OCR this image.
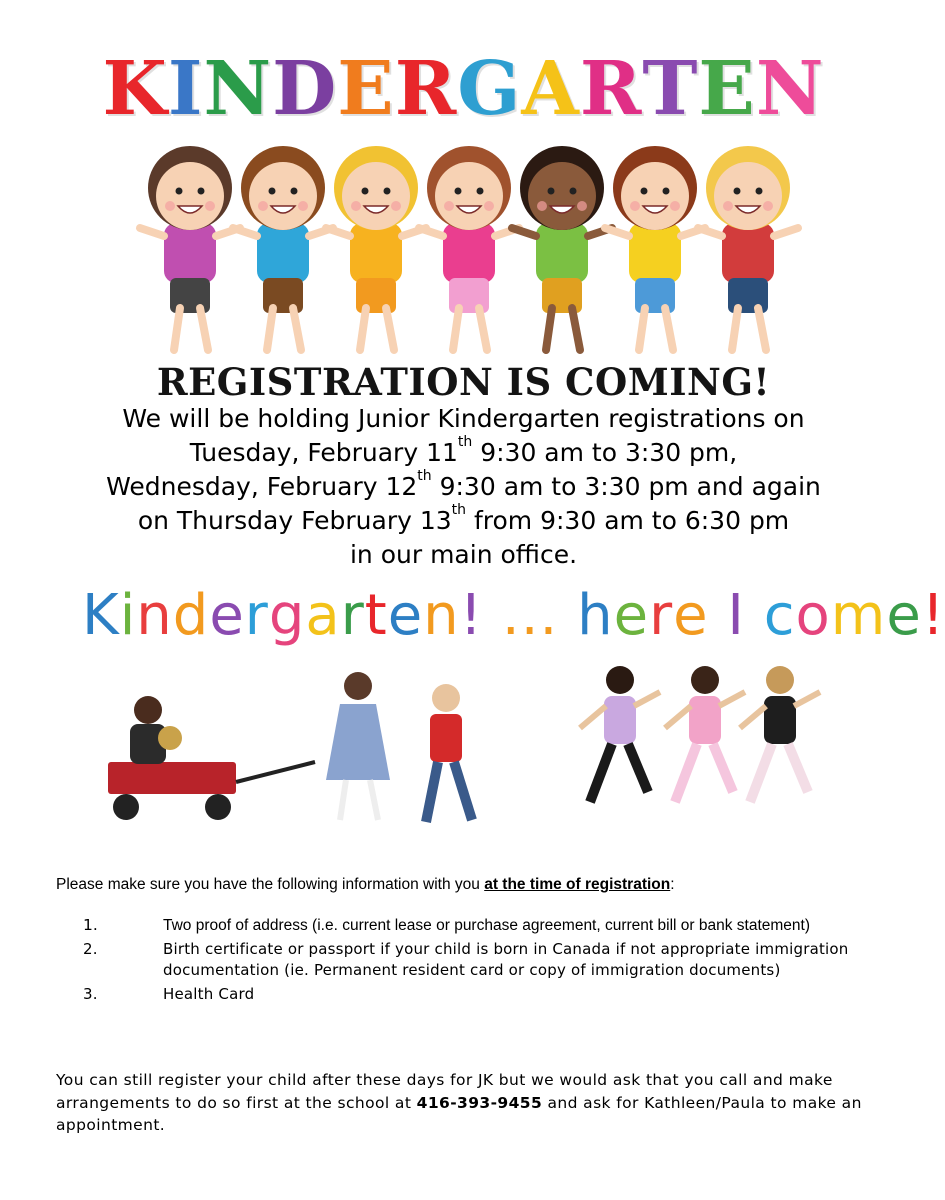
KINDERGARTEN
REGISTRATION IS COMING!
We will be holding Junior Kindergarten registrations on
Tuesday, February 11th 9:30 am to 3:30 pm,
Wednesday, February 12th 9:30 am to 3:30 pm and again
on Thursday February 13th from 9:30 am to 6:30 pm
in our main office.
Kindergarten! ... here I come!
Please make sure you have the following information with you at the time of registration:
1.	Two proof of address (i.e. current lease or purchase agreement, current bill or bank statement)
2.	Birth certificate or passport if your child is born in Canada if not appropriate immigration documentation (ie. Permanent resident card or copy of immigration documents)
3.	Health Card
You can still register your child after these days for JK but we would ask that you call and make arrangements to do so first at the school at 416-393-9455 and ask for Kathleen/Paula to make an appointment.
